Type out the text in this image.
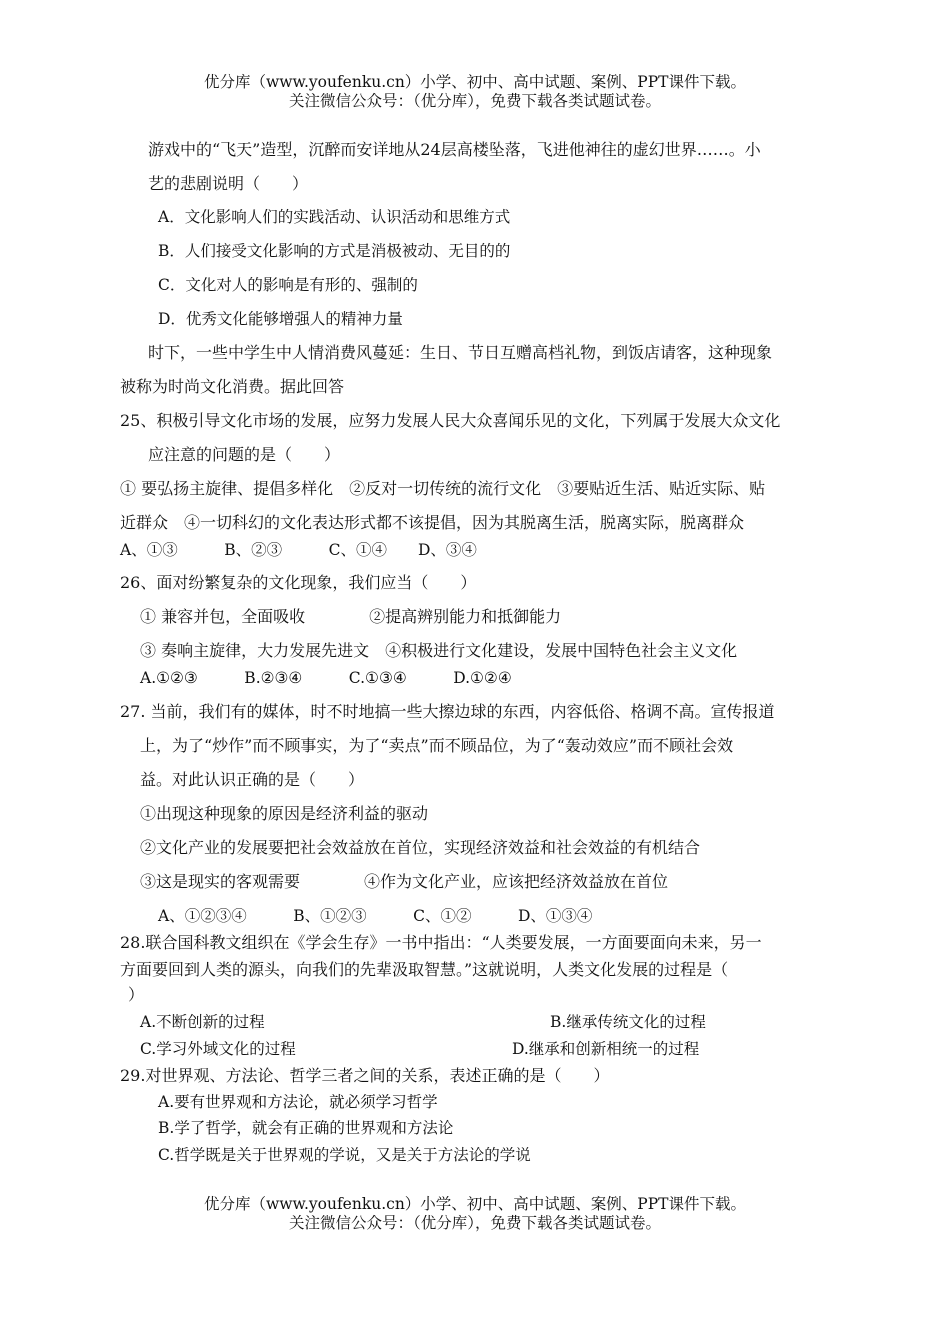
优分库（www.youfenku.cn）小学、初中、高中试题、案例、PPT课件下载。
关注微信公众号：（优分库），免费下载各类试题试卷。
游戏中的“飞天”造型，沉醉而安详地从24层高楼坠落，飞进他神往的虚幻世界……。小
艺的悲剧说明（　　）
A．文化影响人们的实践活动、认识活动和思维方式
B．人们接受文化影响的方式是消极被动、无目的的
C．文化对人的影响是有形的、强制的
D．优秀文化能够增强人的精神力量
时下，一些中学生中人情消费风蔓延：生日、节日互赠高档礼物，到饭店请客，这种现象
被称为时尚文化消费。据此回答
25、积极引导文化市场的发展，应努力发展人民大众喜闻乐见的文化，下列属于发展大众文化
应注意的问题的是（　　）
① 要弘扬主旋律、提倡多样化　②反对一切传统的流行文化　③要贴近生活、贴近实际、贴
近群众　④一切科幻的文化表达形式都不该提倡，因为其脱离生活，脱离实际，脱离群众
A、①③　　　B、②③　　　C、①④　　D、③④
26、面对纷繁复杂的文化现象，我们应当（　　）
① 兼容并包，全面吸收　　　　②提高辨别能力和抵御能力
③ 奏响主旋律，大力发展先进文　④积极进行文化建设，发展中国特色社会主义文化
A.①②③　　　B.②③④　　　C.①③④　　　D.①②④
27. 当前，我们有的媒体，时不时地搞一些大擦边球的东西，内容低俗、格调不高。宣传报道
上，为了“炒作”而不顾事实，为了“卖点”而不顾品位，为了“轰动效应”而不顾社会效
益。对此认识正确的是（　　）
①出现这种现象的原因是经济利益的驱动
②文化产业的发展要把社会效益放在首位，实现经济效益和社会效益的有机结合
③这是现实的客观需要　　　　④作为文化产业，应该把经济效益放在首位
A、①②③④　　　B、①②③　　　C、①②　　　D、①③④
28.联合国科教文组织在《学会生存》一书中指出：“人类要发展，一方面要面向未来，另一
方面要回到人类的源头，向我们的先辈汲取智慧。”这就说明，人类文化发展的过程是（
）
A.不断创新的过程	B.继承传统文化的过程
C.学习外域文化的过程	D.继承和创新相统一的过程
29.对世界观、方法论、哲学三者之间的关系，表述正确的是（　　）
A.要有世界观和方法论，就必须学习哲学
B.学了哲学，就会有正确的世界观和方法论
C.哲学既是关于世界观的学说，又是关于方法论的学说
优分库（www.youfenku.cn）小学、初中、高中试题、案例、PPT课件下载。
关注微信公众号：（优分库），免费下载各类试题试卷。
